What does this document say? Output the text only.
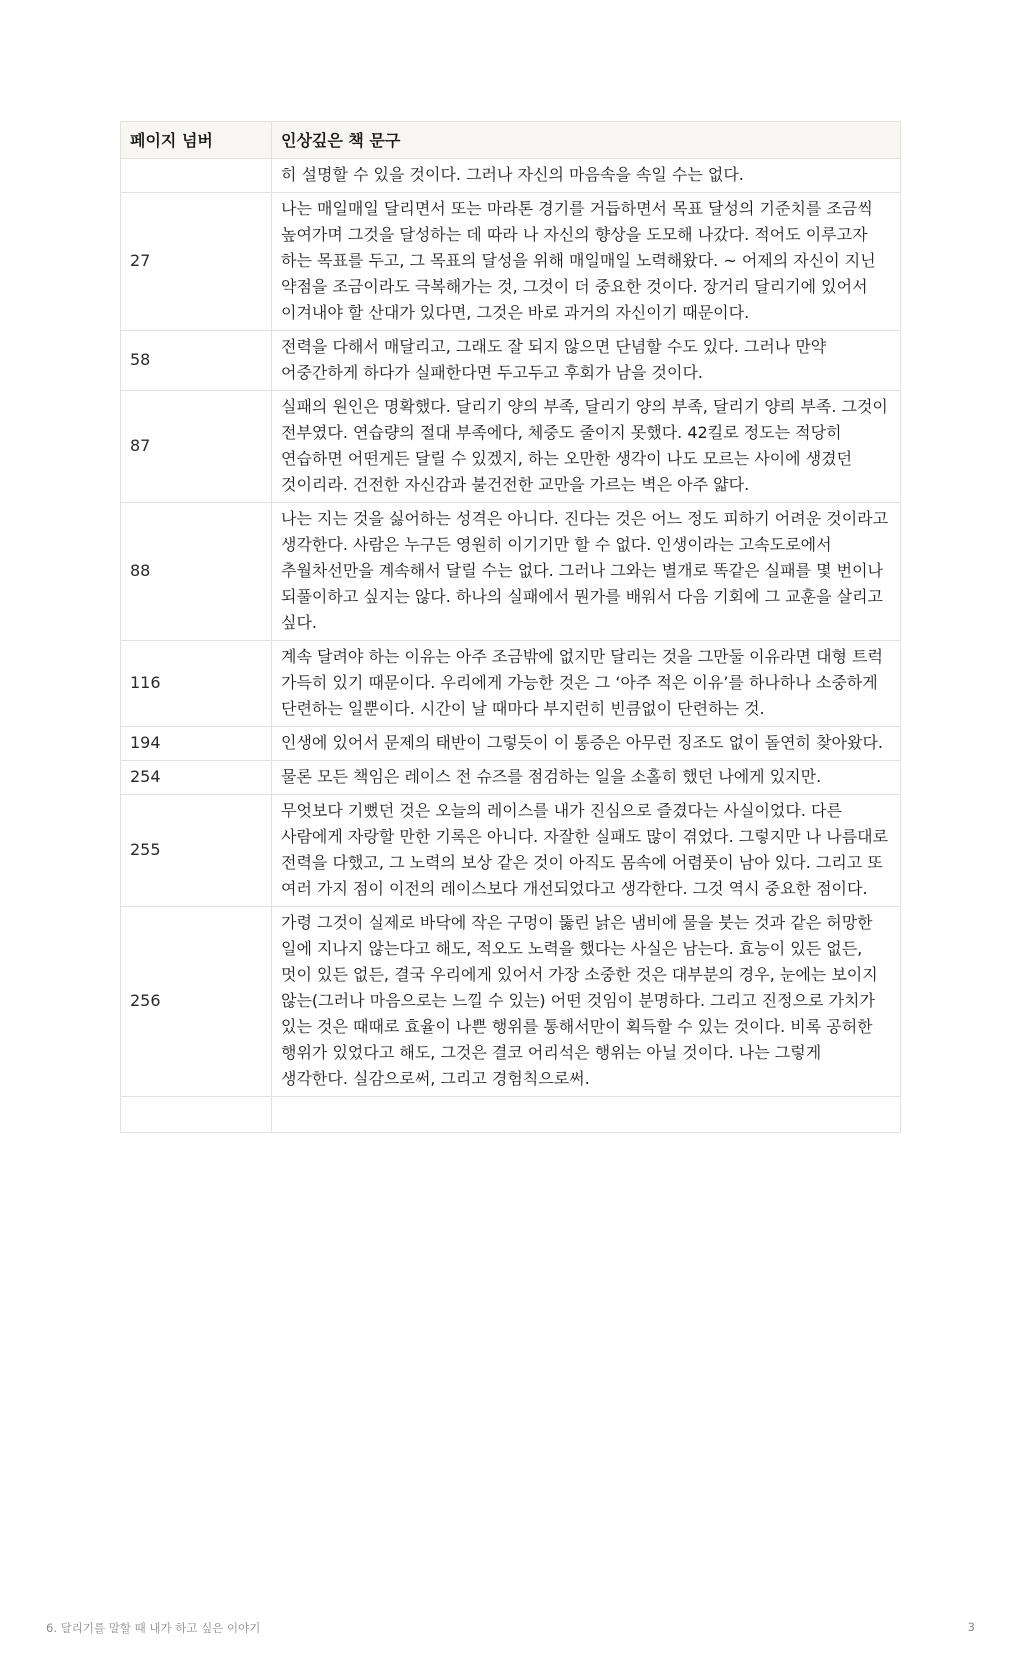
페이지 넘버	인상깊은 책 문구
	히 설명할 수 있을 것이다. 그러나 자신의 마음속을 속일 수는 없다.
27	나는 매일매일 달리면서 또는 마라톤 경기를 거듭하면서 목표 달성의 기준치를 조금씩 높여가며 그것을 달성하는 데 따라 나 자신의 향상을 도모해 나갔다. 적어도 이루고자 하는 목표를 두고, 그 목표의 달성을 위해 매일매일 노력해왔다. ~ 어제의 자신이 지닌 약점을 조금이라도 극복해가는 것, 그것이 더 중요한 것이다. 장거리 달리기에 있어서 이겨내야 할 산대가 있다면, 그것은 바로 과거의 자신이기 때문이다.
58	전력을 다해서 매달리고, 그래도 잘 되지 않으면 단념할 수도 있다. 그러나 만약 어중간하게 하다가 실패한다면 두고두고 후회가 남을 것이다.
87	실패의 원인은 명확했다. 달리기 양의 부족, 달리기 양의 부족, 달리기 양릐 부족. 그것이 전부였다. 연습량의 절대 부족에다, 체중도 줄이지 못했다. 42킬로 정도는 적당히 연습하면 어떤게든 달릴 수 있겠지, 하는 오만한 생각이 나도 모르는 사이에 생겼던 것이리라. 건전한 자신감과 불건전한 교만을 가르는 벽은 아주 얇다.
88	나는 지는 것을 싫어하는 성격은 아니다. 진다는 것은 어느 정도 피하기 어려운 것이라고 생각한다. 사람은 누구든 영원히 이기기만 할 수 없다. 인생이라는 고속도로에서 추월차선만을 계속해서 달릴 수는 없다. 그러나 그와는 별개로 똑같은 실패를 몇 번이나 되풀이하고 싶지는 않다. 하나의 실패에서 뭔가를 배워서 다음 기회에 그 교훈을 살리고 싶다.
116	계속 달려야 하는 이유는 아주 조금밖에 없지만 달리는 것을 그만둘 이유라면 대형 트럭 가득히 있기 때문이다. 우리에게 가능한 것은 그 ‘아주 적은 이유’를 하나하나 소중하게 단련하는 일뿐이다. 시간이 날 때마다 부지런히 빈큼없이 단련하는 것.
194	인생에 있어서 문제의 태반이 그렇듯이 이 통증은 아무런 징조도 없이 돌연히 찾아왔다.
254	물론 모든 책임은 레이스 전 슈즈를 점검하는 일을 소홀히 했던 나에게 있지만.
255	무엇보다 기뻤던 것은 오늘의 레이스를 내가 진심으로 즐겼다는 사실이었다. 다른 사람에게 자랑할 만한 기록은 아니다. 자잘한 실패도 많이 겪었다. 그렇지만 나 나름대로 전력을 다했고, 그 노력의 보상 같은 것이 아직도 몸속에 어렴풋이 남아 있다. 그리고 또 여러 가지 점이 이전의 레이스보다 개선되었다고 생각한다. 그것 역시 중요한 점이다.
256	가령 그것이 실제로 바닥에 작은 구멍이 뚫린 낡은 냄비에 물을 붓는 것과 같은 허망한 일에 지나지 않는다고 해도, 적오도 노력을 했다는 사실은 남는다. 효능이 있든 없든, 멋이 있든 없든, 결국 우리에게 있어서 가장 소중한 것은 대부분의 경우, 눈에는 보이지 않는(그러나 마음으로는 느낄 수 있는) 어떤 것임이 분명하다. 그리고 진정으로 가치가 있는 것은 때때로 효율이 나쁜 행위를 통해서만이 획득할 수 있는 것이다. 비록 공허한 행위가 있었다고 해도, 그것은 결코 어리석은 행위는 아닐 것이다. 나는 그렇게 생각한다. 실감으로써, 그리고 경험칙으로써.

6. 달리기를 말할 때 내가 하고 싶은 이야기	3
